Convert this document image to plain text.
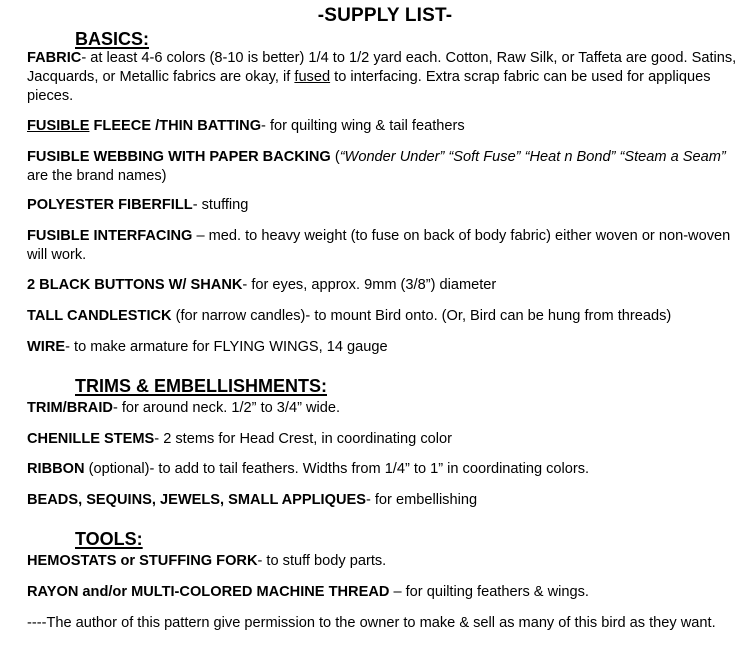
-SUPPLY LIST-
BASICS:
FABRIC- at least 4-6 colors (8-10 is better) 1/4 to 1/2 yard each. Cotton, Raw Silk, or Taffeta are good. Satins, Jacquards, or Metallic fabrics are okay, if fused to interfacing. Extra scrap fabric can be used for appliques pieces.
FUSIBLE FLEECE /THIN BATTING- for quilting wing & tail feathers
FUSIBLE WEBBING WITH PAPER BACKING (“Wonder Under” “Soft Fuse” “Heat n Bond” “Steam a Seam” are the brand names)
POLYESTER FIBERFILL- stuffing
FUSIBLE INTERFACING – med. to heavy weight (to fuse on back of body fabric) either woven or non-woven will work.
2 BLACK BUTTONS W/ SHANK- for eyes, approx. 9mm (3/8”) diameter
TALL CANDLESTICK (for narrow candles)- to mount Bird onto. (Or, Bird can be hung from threads)
WIRE- to make armature for FLYING WINGS, 14 gauge
TRIMS & EMBELLISHMENTS:
TRIM/BRAID- for around neck. 1/2” to 3/4” wide.
CHENILLE STEMS- 2 stems for Head Crest, in coordinating color
RIBBON (optional)- to add to tail feathers. Widths from 1/4” to 1” in coordinating colors.
BEADS, SEQUINS, JEWELS, SMALL APPLIQUES- for embellishing
TOOLS:
HEMOSTATS or STUFFING FORK- to stuff body parts.
RAYON and/or MULTI-COLORED MACHINE THREAD – for quilting feathers & wings.
----The author of this pattern give permission to the owner to make & sell as many of this bird as they want.
